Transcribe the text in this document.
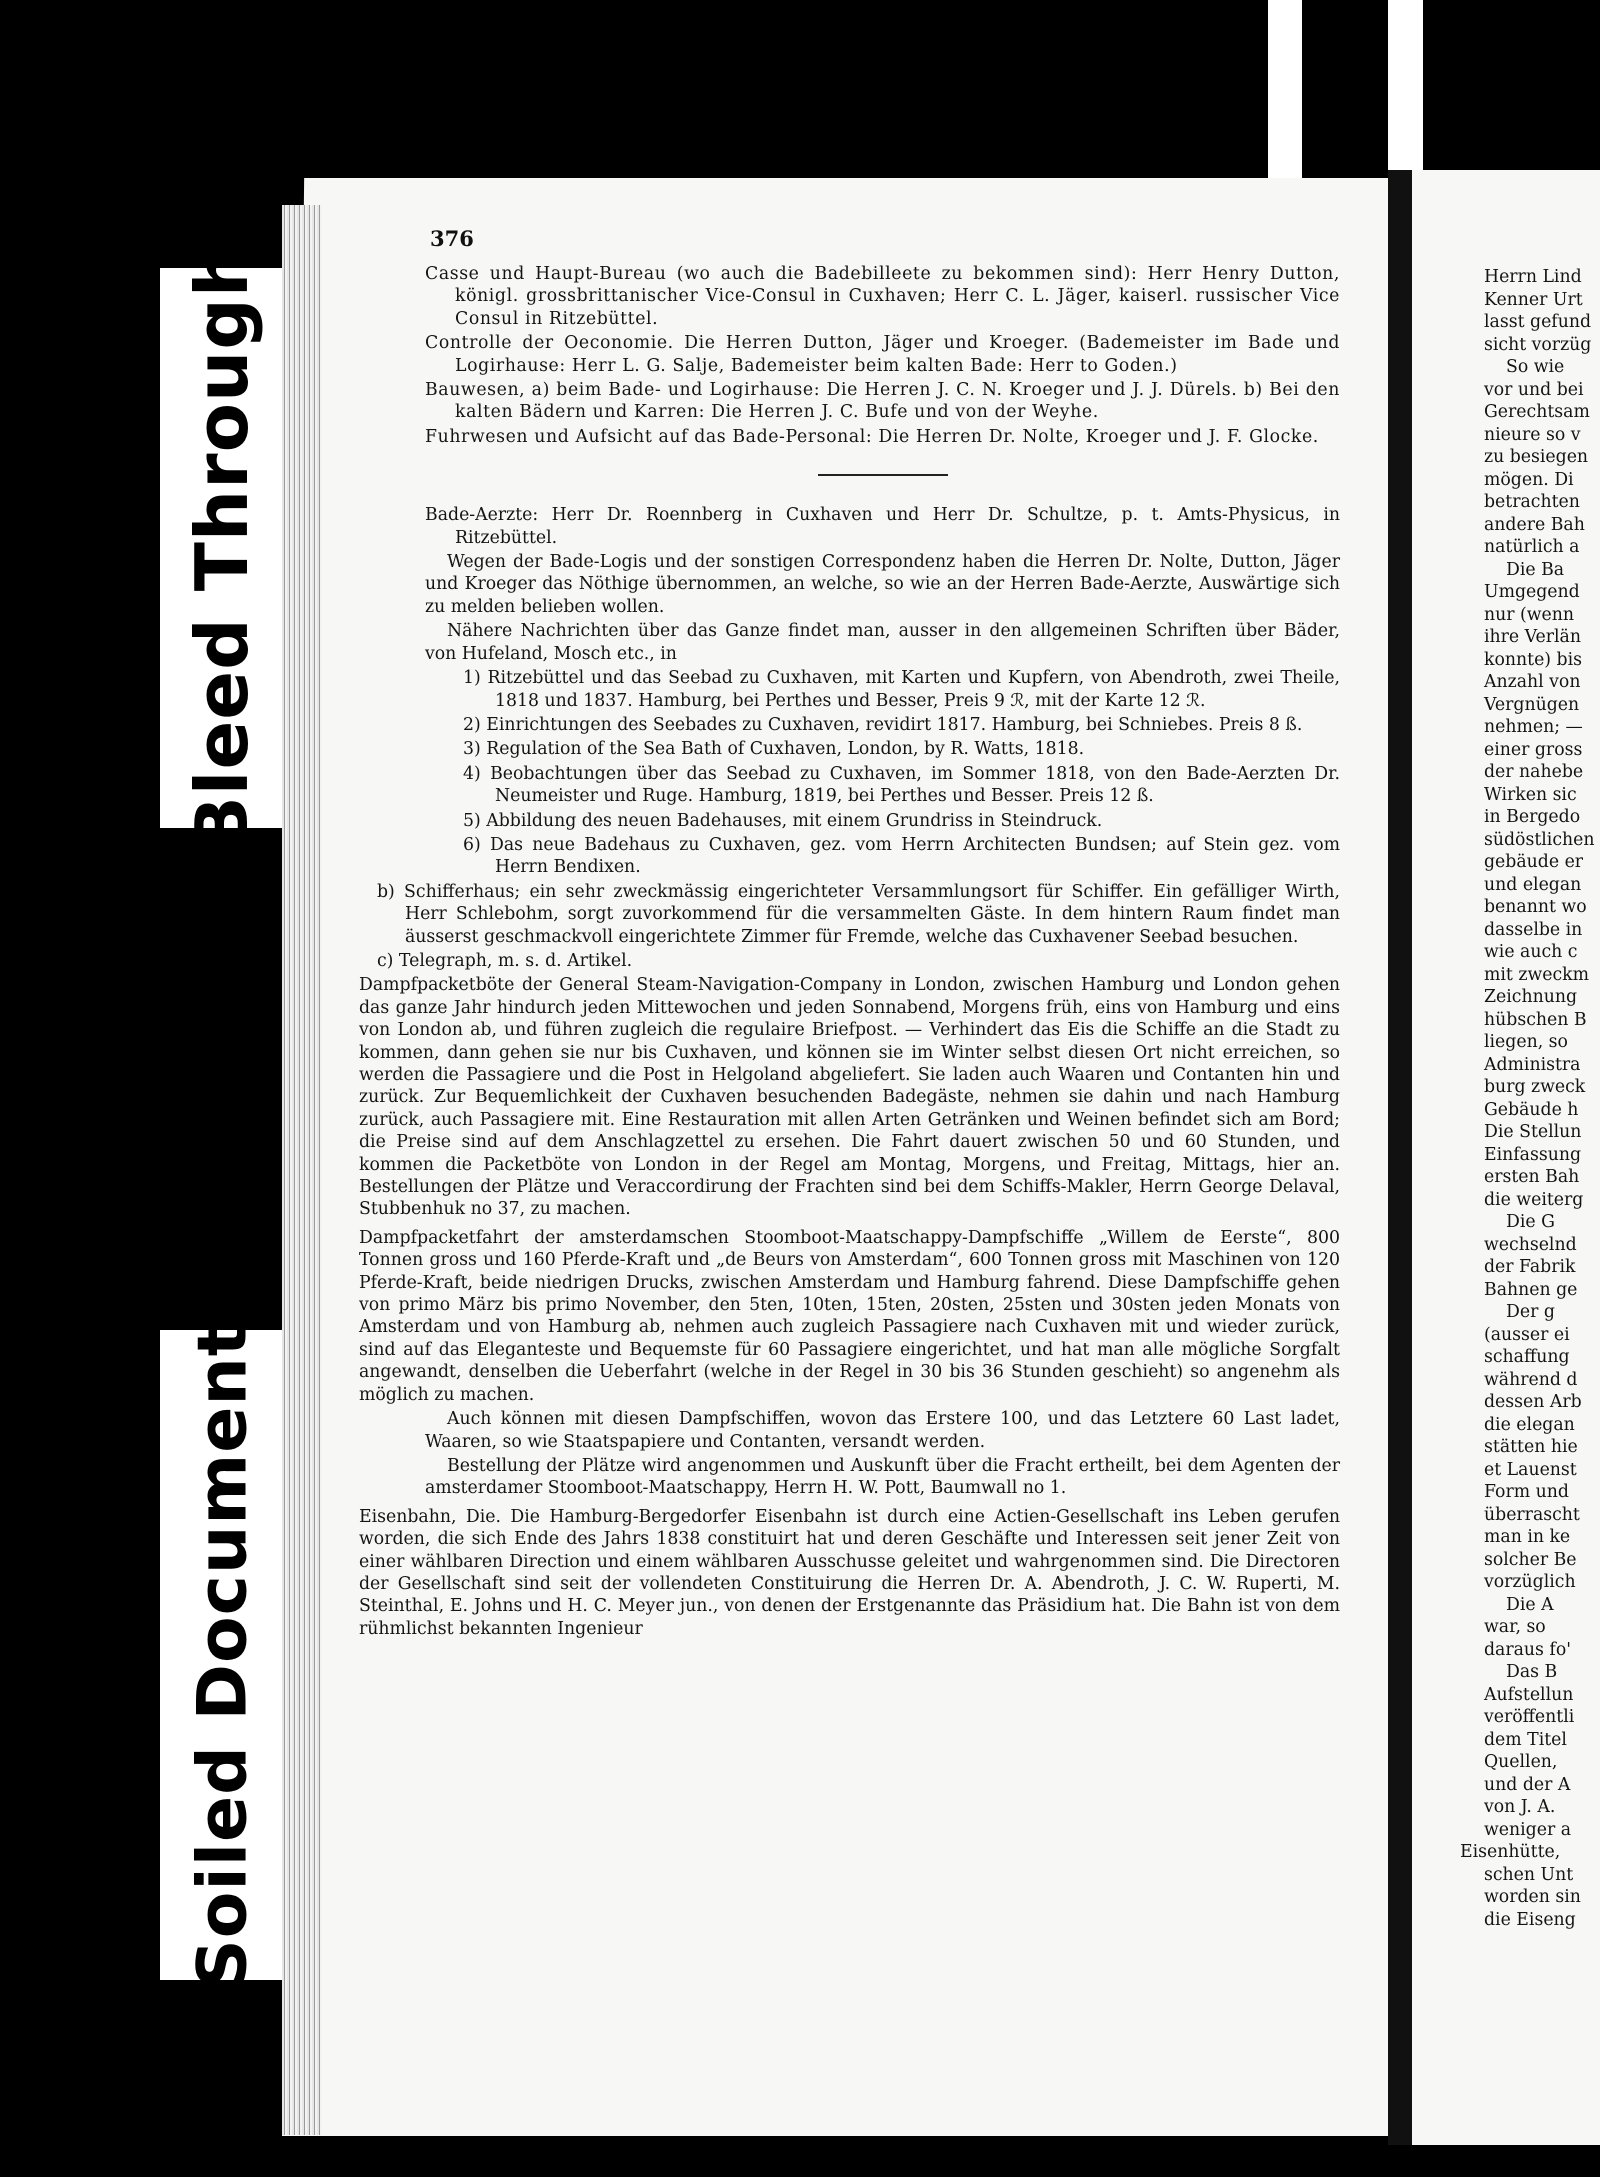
Bleed Through
Soiled Document
376

Casse und Haupt-Bureau (wo auch die Badebilleete zu bekommen sind): Herr Henry Dutton, königl. grossbrittanischer Vice-Consul in Cuxhaven; Herr C. L. Jäger, kaiserl. russischer Vice Consul in Ritzebüttel.

Controlle der Oeconomie. Die Herren Dutton, Jäger und Kroeger. (Bademeister im Bade und Logirhause: Herr L. G. Salje, Bademeister beim kalten Bade: Herr to Goden.)

Bauwesen, a) beim Bade- und Logirhause: Die Herren J. C. N. Kroeger und J. J. Dürels. b) Bei den kalten Bädern und Karren: Die Herren J. C. Bufe und von der Weyhe.

Fuhrwesen und Aufsicht auf das Bade-Personal: Die Herren Dr. Nolte, Kroeger und J. F. Glocke.

Bade-Aerzte: Herr Dr. Roennberg in Cuxhaven und Herr Dr. Schultze, p. t. Amts-Physicus, in Ritzebüttel.

Wegen der Bade-Logis und der sonstigen Correspondenz haben die Herren Dr. Nolte, Dutton, Jäger und Kroeger das Nöthige übernommen, an welche, so wie an der Herren Bade-Aerzte, Auswärtige sich zu melden belieben wollen.

Nähere Nachrichten über das Ganze findet man, ausser in den allgemeinen Schriften über Bäder, von Hufeland, Mosch etc., in

1) Ritzebüttel und das Seebad zu Cuxhaven, mit Karten und Kupfern, von Abendroth, zwei Theile, 1818 und 1837. Hamburg, bei Perthes und Besser, Preis 9 ℛ, mit der Karte 12 ℛ.

2) Einrichtungen des Seebades zu Cuxhaven, revidirt 1817. Hamburg, bei Schniebes. Preis 8 ß.

3) Regulation of the Sea Bath of Cuxhaven, London, by R. Watts, 1818.

4) Beobachtungen über das Seebad zu Cuxhaven, im Sommer 1818, von den Bade-Aerzten Dr. Neumeister und Ruge. Hamburg, 1819, bei Perthes und Besser. Preis 12 ß.

5) Abbildung des neuen Badehauses, mit einem Grundriss in Steindruck.

6) Das neue Badehaus zu Cuxhaven, gez. vom Herrn Architecten Bundsen; auf Stein gez. vom Herrn Bendixen.

b) Schifferhaus; ein sehr zweckmässig eingerichteter Versammlungsort für Schiffer. Ein gefälliger Wirth, Herr Schlebohm, sorgt zuvorkommend für die versammelten Gäste. In dem hintern Raum findet man äusserst geschmackvoll eingerichtete Zimmer für Fremde, welche das Cuxhavener Seebad besuchen.

c) Telegraph, m. s. d. Artikel.

Dampfpacketböte der General Steam-Navigation-Company in London, zwischen Hamburg und London gehen das ganze Jahr hindurch jeden Mittewochen und jeden Sonnabend, Morgens früh, eins von Hamburg und eins von London ab, und führen zugleich die regulaire Briefpost. — Verhindert das Eis die Schiffe an die Stadt zu kommen, dann gehen sie nur bis Cuxhaven, und können sie im Winter selbst diesen Ort nicht erreichen, so werden die Passagiere und die Post in Helgoland abgeliefert. Sie laden auch Waaren und Contanten hin und zurück. Zur Bequemlichkeit der Cuxhaven besuchenden Badegäste, nehmen sie dahin und nach Hamburg zurück, auch Passagiere mit. Eine Restauration mit allen Arten Getränken und Weinen befindet sich am Bord; die Preise sind auf dem Anschlagzettel zu ersehen. Die Fahrt dauert zwischen 50 und 60 Stunden, und kommen die Packetböte von London in der Regel am Montag, Morgens, und Freitag, Mittags, hier an. Bestellungen der Plätze und Veraccordirung der Frachten sind bei dem Schiffs-Makler, Herrn George Delaval, Stubbenhuk no 37, zu machen.

Dampfpacketfahrt der amsterdamschen Stoomboot-Maatschappy-Dampfschiffe „Willem de Eerste“, 800 Tonnen gross und 160 Pferde-Kraft und „de Beurs von Amsterdam“, 600 Tonnen gross mit Maschinen von 120 Pferde-Kraft, beide niedrigen Drucks, zwischen Amsterdam und Hamburg fahrend. Diese Dampfschiffe gehen von primo März bis primo November, den 5ten, 10ten, 15ten, 20sten, 25sten und 30sten jeden Monats von Amsterdam und von Hamburg ab, nehmen auch zugleich Passagiere nach Cuxhaven mit und wieder zurück, sind auf das Eleganteste und Bequemste für 60 Passagiere eingerichtet, und hat man alle mögliche Sorgfalt angewandt, denselben die Ueberfahrt (welche in der Regel in 30 bis 36 Stunden geschieht) so angenehm als möglich zu machen.

Auch können mit diesen Dampfschiffen, wovon das Erstere 100, und das Letztere 60 Last ladet, Waaren, so wie Staatspapiere und Contanten, versandt werden.

Bestellung der Plätze wird angenommen und Auskunft über die Fracht ertheilt, bei dem Agenten der amsterdamer Stoomboot-Maatschappy, Herrn H. W. Pott, Baumwall no 1.

Eisenbahn, Die. Die Hamburg-Bergedorfer Eisenbahn ist durch eine Actien-Gesellschaft ins Leben gerufen worden, die sich Ende des Jahrs 1838 constituirt hat und deren Geschäfte und Interessen seit jener Zeit von einer wählbaren Direction und einem wählbaren Ausschusse geleitet und wahrgenommen sind. Die Directoren der Gesellschaft sind seit der vollendeten Constituirung die Herren Dr. A. Abendroth, J. C. W. Ruperti, M. Steinthal, E. Johns und H. C. Meyer jun., von denen der Erstgenannte das Präsidium hat. Die Bahn ist von dem rühmlichst bekannten Ingenieur

Herrn Lind
Kenner Urt
lasst gefund
sicht vorzüg
So wie
vor und bei
Gerechtsam
nieure so v
zu besiegen
mögen. Di
betrachten
andere Bah
natürlich a
Die Ba
Umgegend
nur (wenn
ihre Verlän
konnte) bis
Anzahl von
Vergnügen
nehmen; —
einer gross
der nahebe
Wirken sic
in Bergedo
südöstlichen
gebäude er
und elegan
benannt wo
dasselbe in
wie auch c
mit zweckm
Zeichnung
hübschen B
liegen, so
Administra
burg zweck
Gebäude h
Die Stellun
Einfassung
ersten Bah
die weiterg
Die G
wechselnd
der Fabrik
Bahnen ge
Der g
(ausser ei
schaffung
während d
dessen Arb
die elegan
stätten hie
et Lauenst
Form und
überrascht
man in ke
solcher Be
vorzüglich
Die A
war, so
daraus fo'
Das B
Aufstellun
veröffentli
dem Titel
Quellen,
und der A
von J. A.
weniger a
Eisenhütte,
schen Unt
worden sin
die Eiseng
